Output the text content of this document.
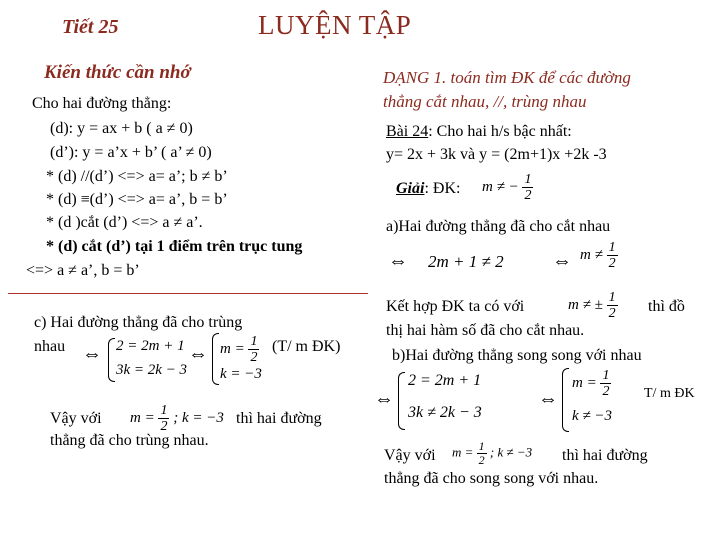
Tiết 25	LUYỆN TẬP
Kiến thức cần nhớ
Cho hai đường thẳng:
(d): y = ax + b ( a ≠ 0)
(d’): y = a’x + b’ ( a’ ≠ 0)
* (d) //(d’) <=> a= a’; b ≠ b’
* (d) ≡(d’) <=> a= a’, b = b’
* (d )cắt (d’) <=> a ≠ a’.
* (d) cắt (d’) tại 1 điểm trên trục tung
<=> a ≠ a’, b = b’
c) Hai đường thẳng đã cho trùng
nhau ⇔ 2 = 2m + 1
3k = 2k − 3
⇔ $m = \frac{1}{2}$
k = −3
(T/ m ĐK)
Vậy với $m = \frac{1}{2}$ ; k = −3 thì hai đường
thẳng đã cho trùng nhau.
DẠNG 1. toán tìm ĐK để các đường
thẳng cắt nhau, //, trùng nhau
Bài 24: Cho hai h/s bậc nhất:
y= 2x + 3k và y = (2m+1)x +2k -3
Giải: ĐK: m ≠ − $\frac{1}{2}$
a)Hai đường thẳng đã cho cắt nhau
⇔ 2m + 1 ≠ 2 ⇔ $m \ne \frac{1}{2}$
Kết hợp ĐK ta có với	m ≠ ± $\frac{1}{2}$ thì đồ
thị hai hàm số đã cho cắt nhau.
b)Hai đường thẳng song song với nhau
⇔
2 = 2m + 1
3k ≠ 2k − 3
⇔
$m = \frac{1}{2}$
k ≠ −3
T/ m ĐK
Vậy với $m = \frac{1}{2}$ ; k ≠ −3 thì hai đường
thẳng đã cho song song với nhau.
